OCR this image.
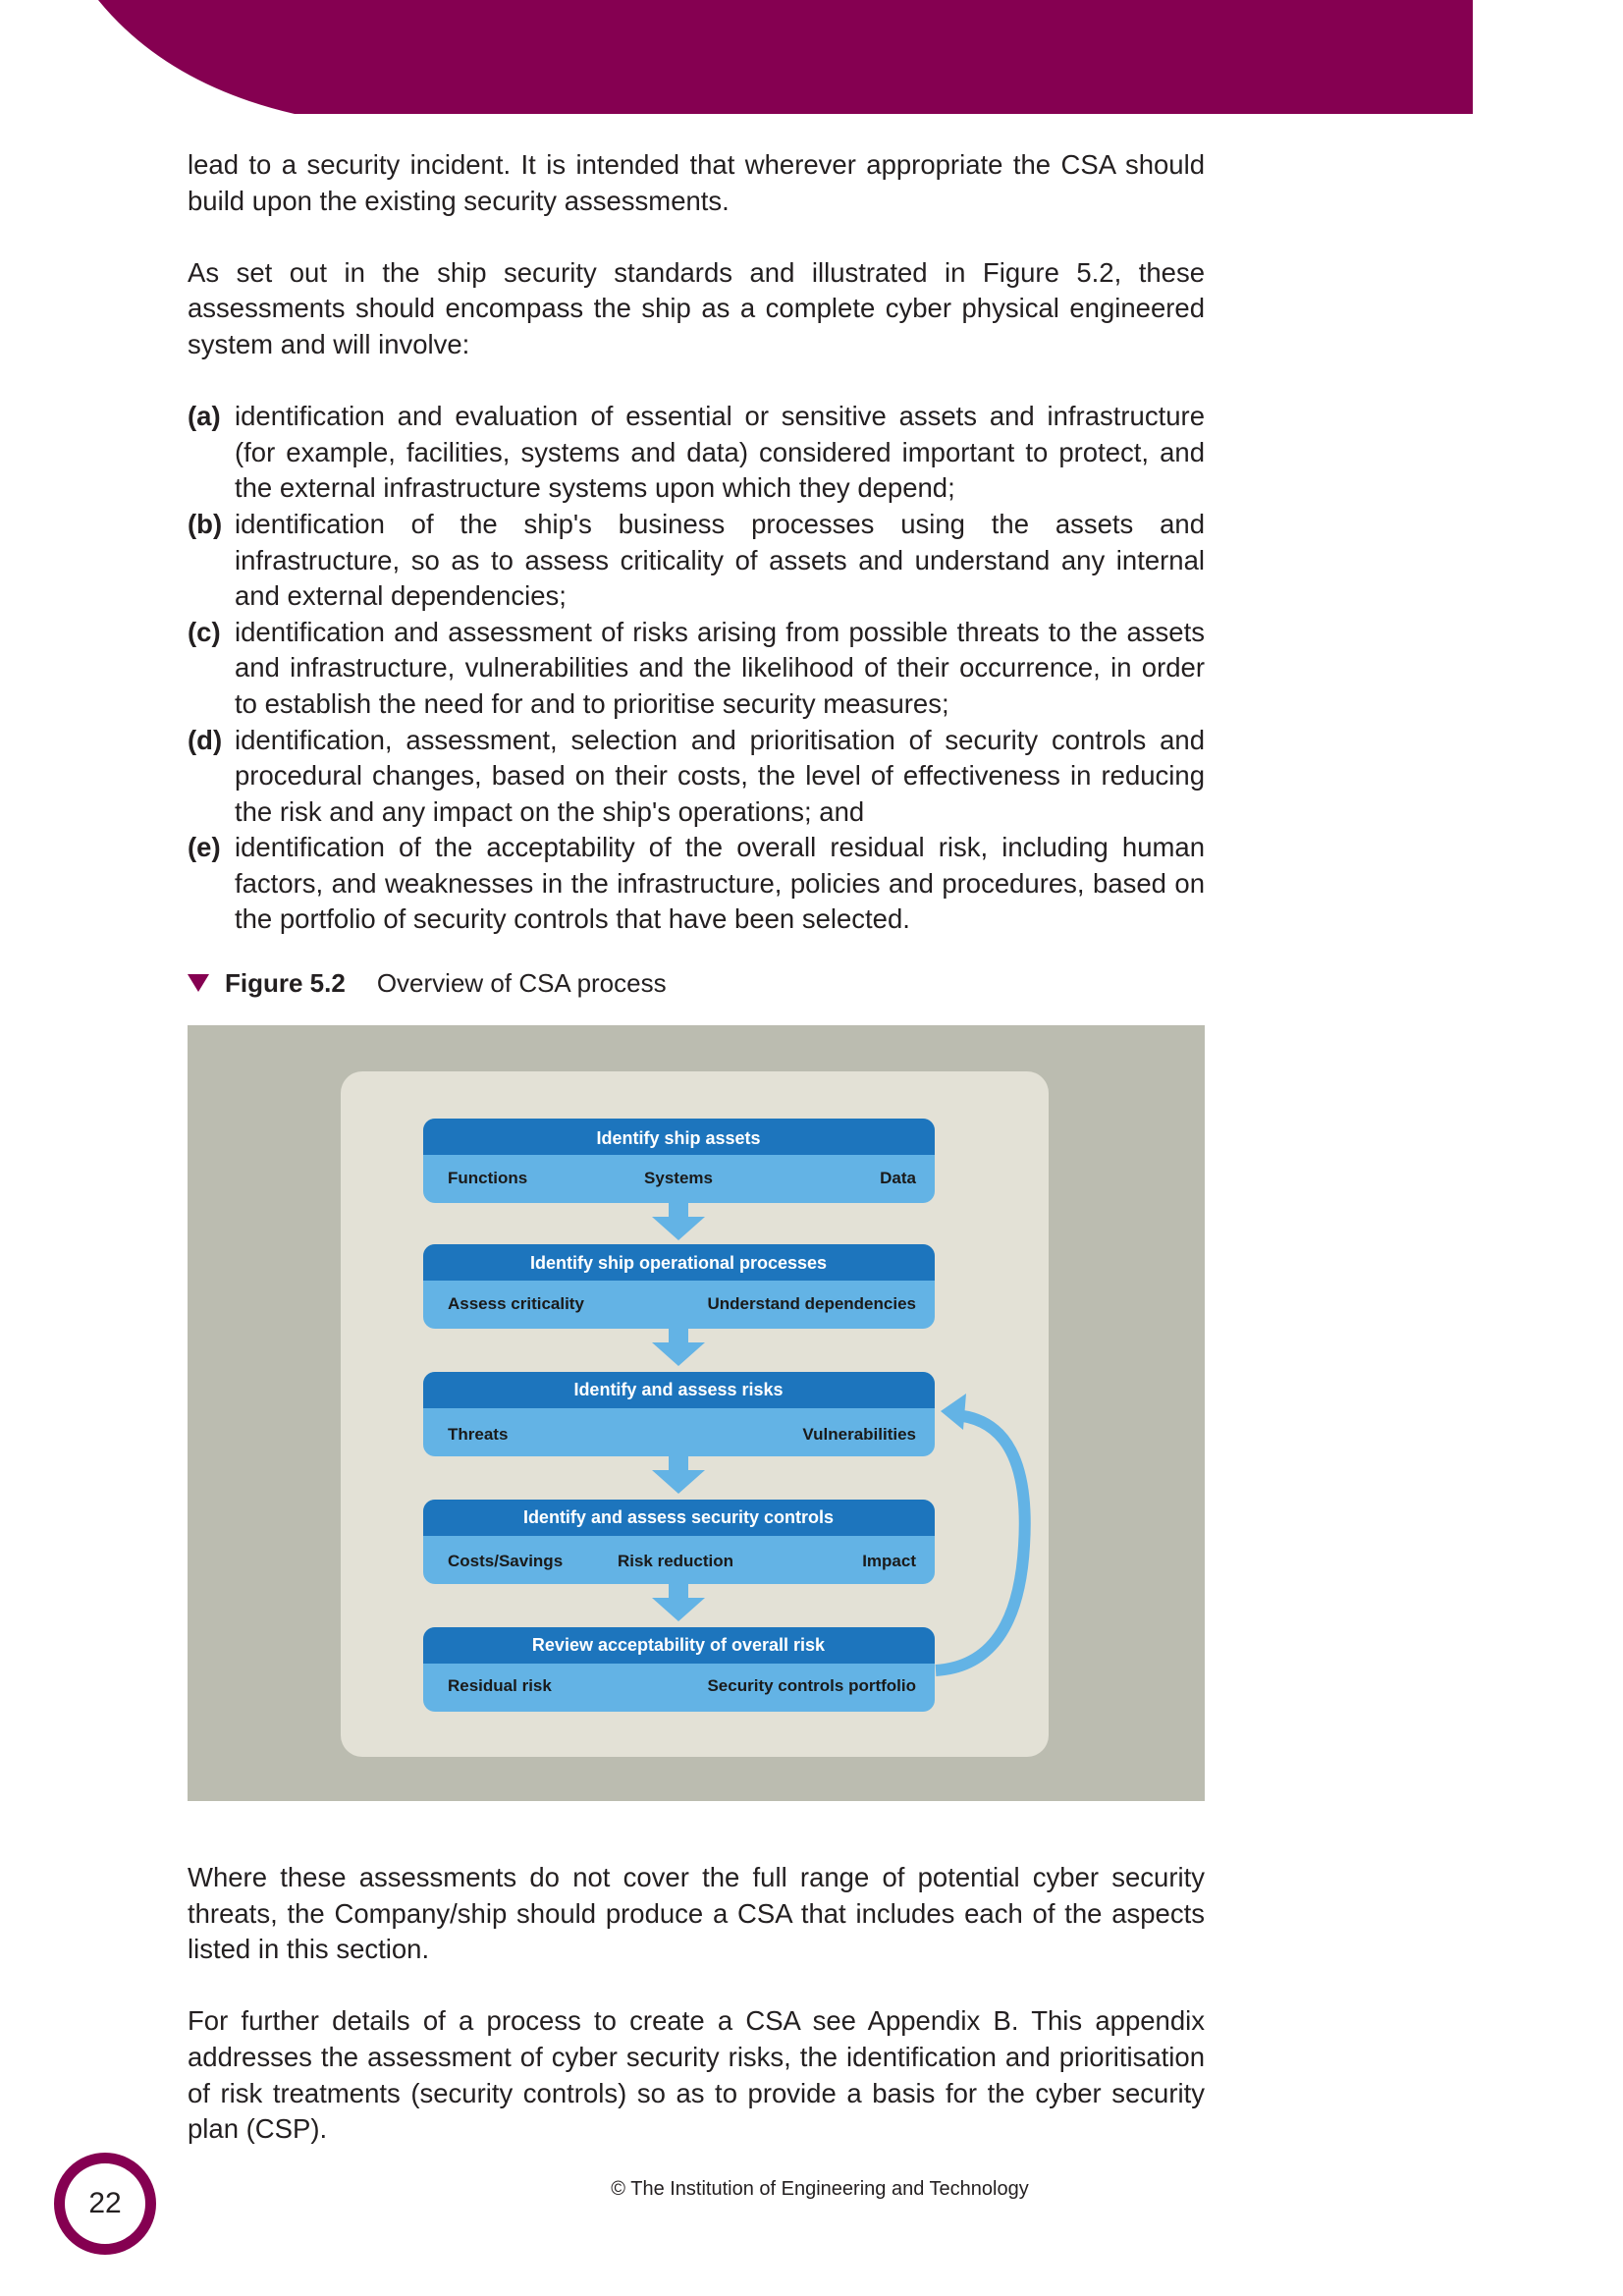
lead to a security incident. It is intended that wherever appropriate the CSA should build upon the existing security assessments.

As set out in the ship security standards and illustrated in Figure 5.2, these assessments should encompass the ship as a complete cyber physical engineered system and will involve:

(a) identification and evaluation of essential or sensitive assets and infrastructure (for example, facilities, systems and data) considered important to protect, and the external infrastructure systems upon which they depend;
(b) identification of the ship's business processes using the assets and infrastructure, so as to assess criticality of assets and understand any internal and external dependencies;
(c) identification and assessment of risks arising from possible threats to the assets and infrastructure, vulnerabilities and the likelihood of their occurrence, in order to establish the need for and to prioritise security measures;
(d) identification, assessment, selection and prioritisation of security controls and procedural changes, based on their costs, the level of effectiveness in reducing the risk and any impact on the ship's operations; and
(e) identification of the acceptability of the overall residual risk, including human factors, and weaknesses in the infrastructure, policies and procedures, based on the portfolio of security controls that have been selected.
Figure 5.2 Overview of CSA process
Identify ship assets
Functions	Systems	Data
Identify ship operational processes
Assess criticality	Understand dependencies
Identify and assess risks
Threats	Vulnerabilities
Identify and assess security controls
Costs/Savings	Risk reduction	Impact
Review acceptability of overall risk
Residual risk	Security controls portfolio

Where these assessments do not cover the full range of potential cyber security threats, the Company/ship should produce a CSA that includes each of the aspects listed in this section.

For further details of a process to create a CSA see Appendix B. This appendix addresses the assessment of cyber security risks, the identification and prioritisation of risk treatments (security controls) so as to provide a basis for the cyber security plan (CSP).

22	© The Institution of Engineering and Technology
